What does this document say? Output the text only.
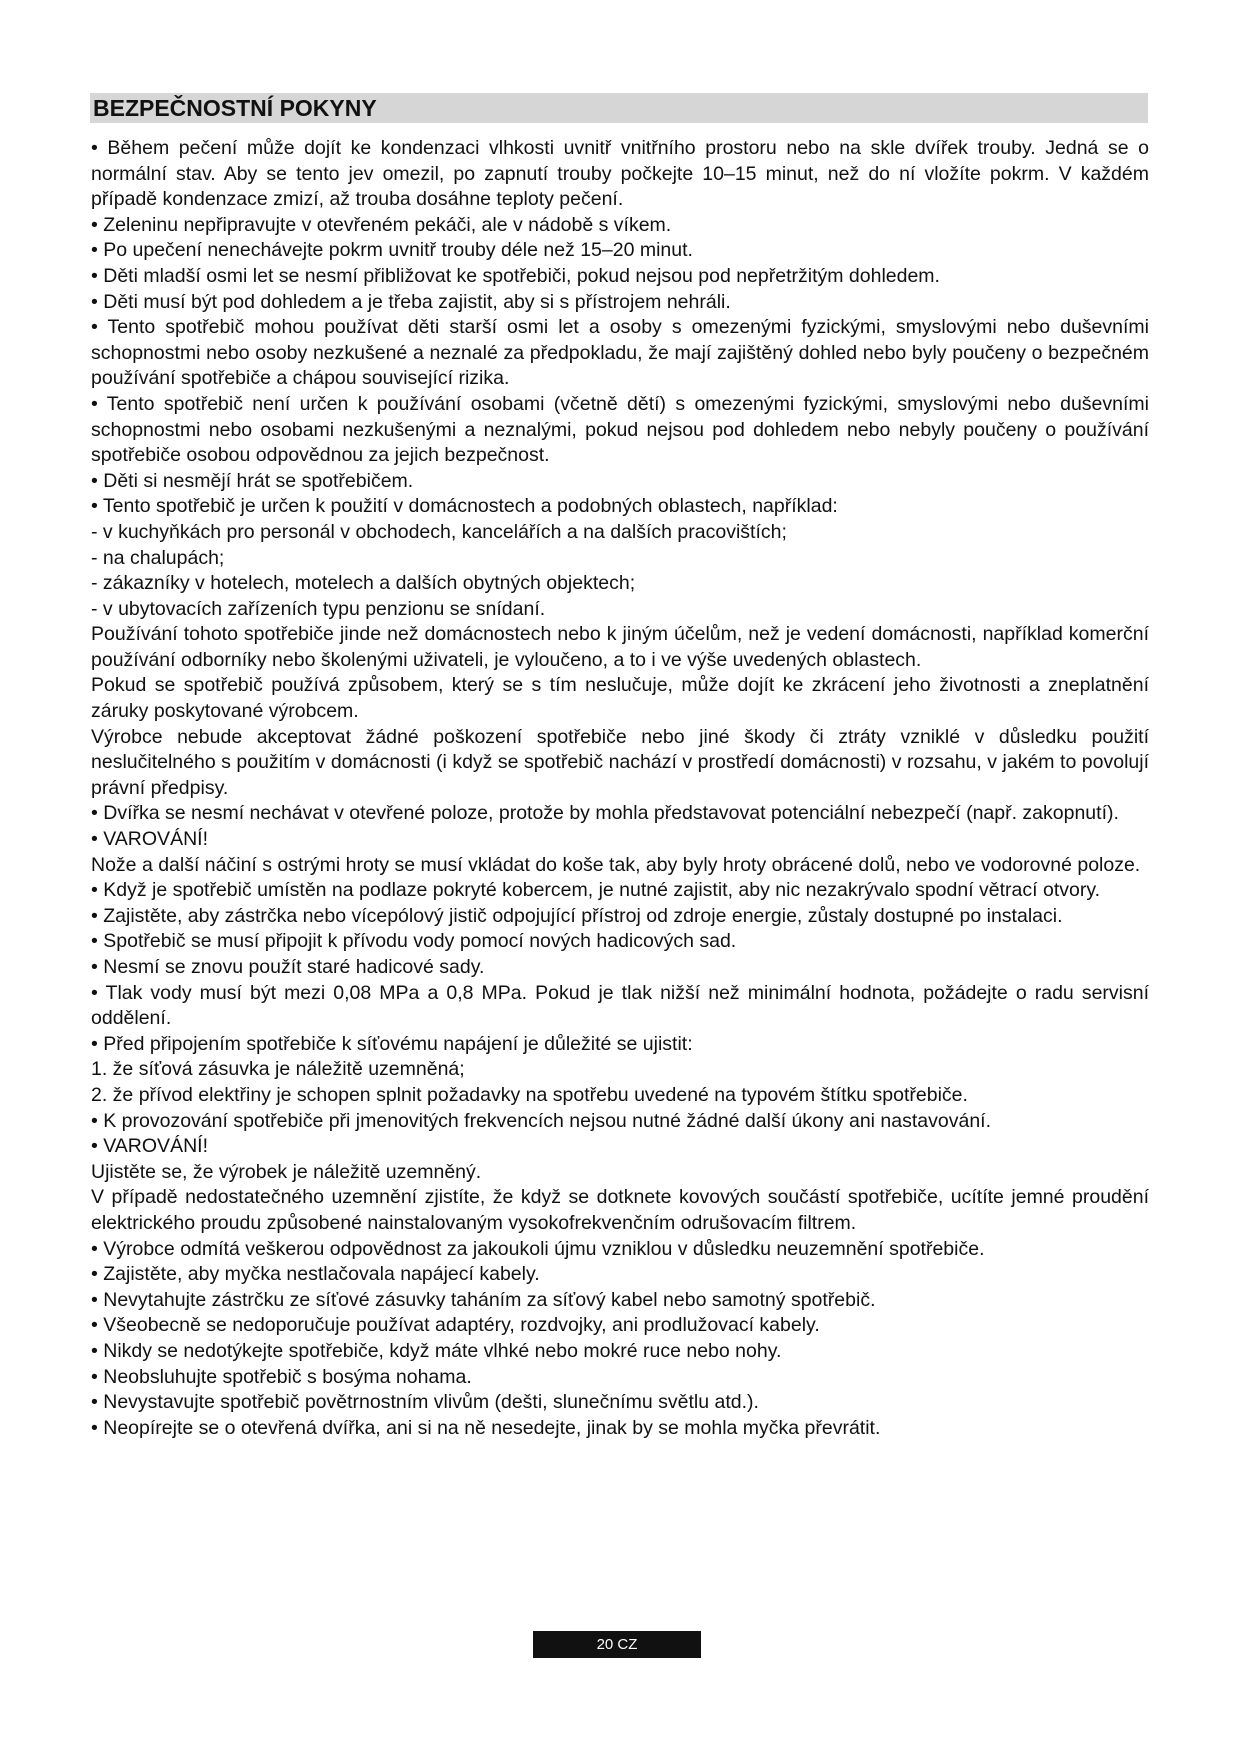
BEZPEČNOSTNÍ POKYNY

• Během pečení může dojít ke kondenzaci vlhkosti uvnitř vnitřního prostoru nebo na skle dvířek trouby. Jedná se o normální stav. Aby se tento jev omezil, po zapnutí trouby počkejte 10–15 minut, než do ní vložíte pokrm. V každém případě kondenzace zmizí, až trouba dosáhne teploty pečení.

• Zeleninu nepřipravujte v otevřeném pekáči, ale v nádobě s víkem.

• Po upečení nenechávejte pokrm uvnitř trouby déle než 15–20 minut.

• Děti mladší osmi let se nesmí přibližovat ke spotřebiči, pokud nejsou pod nepřetržitým dohledem.

• Děti musí být pod dohledem a je třeba zajistit, aby si s přístrojem nehráli.

• Tento spotřebič mohou používat děti starší osmi let a osoby s omezenými fyzickými, smyslovými nebo duševními schopnostmi nebo osoby nezkušené a neznalé za předpokladu, že mají zajištěný dohled nebo byly poučeny o bezpečném používání spotřebiče a chápou související rizika.

• Tento spotřebič není určen k používání osobami (včetně dětí) s omezenými fyzickými, smyslovými nebo duševními schopnostmi nebo osobami nezkušenými a neznalými, pokud nejsou pod dohledem nebo nebyly poučeny o používání spotřebiče osobou odpovědnou za jejich bezpečnost.

• Děti si nesmějí hrát se spotřebičem.

• Tento spotřebič je určen k použití v domácnostech a podobných oblastech, například:

- v kuchyňkách pro personál v obchodech, kancelářích a na dalších pracovištích;

- na chalupách;

- zákazníky v hotelech, motelech a dalších obytných objektech;

- v ubytovacích zařízeních typu penzionu se snídaní.

Používání tohoto spotřebiče jinde než domácnostech nebo k jiným účelům, než je vedení domácnosti, například komerční používání odborníky nebo školenými uživateli, je vyloučeno, a to i ve výše uvedených oblastech.

Pokud se spotřebič používá způsobem, který se s tím neslučuje, může dojít ke zkrácení jeho životnosti a zneplatnění záruky poskytované výrobcem.

Výrobce nebude akceptovat žádné poškození spotřebiče nebo jiné škody či ztráty vzniklé v důsledku použití neslučitelného s použitím v domácnosti (i když se spotřebič nachází v prostředí domácnosti) v rozsahu, v jakém to povolují právní předpisy.

• Dvířka se nesmí nechávat v otevřené poloze, protože by mohla představovat potenciální nebezpečí (např. zakopnutí).

• VAROVÁNÍ!

Nože a další náčiní s ostrými hroty se musí vkládat do koše tak, aby byly hroty obrácené dolů, nebo ve vodorovné poloze.

• Když je spotřebič umístěn na podlaze pokryté kobercem, je nutné zajistit, aby nic nezakrývalo spodní větrací otvory.

• Zajistěte, aby zástrčka nebo vícepólový jistič odpojující přístroj od zdroje energie, zůstaly dostupné po instalaci.

• Spotřebič se musí připojit k přívodu vody pomocí nových hadicových sad.

• Nesmí se znovu použít staré hadicové sady.

• Tlak vody musí být mezi 0,08 MPa a 0,8 MPa. Pokud je tlak nižší než minimální hodnota, požádejte o radu servisní oddělení.

• Před připojením spotřebiče k síťovému napájení je důležité se ujistit:

1. že síťová zásuvka je náležitě uzemněná;

2. že přívod elektřiny je schopen splnit požadavky na spotřebu uvedené na typovém štítku spotřebiče.

• K provozování spotřebiče při jmenovitých frekvencích nejsou nutné žádné další úkony ani nastavování.

• VAROVÁNÍ!

Ujistěte se, že výrobek je náležitě uzemněný.

V případě nedostatečného uzemnění zjistíte, že když se dotknete kovových součástí spotřebiče, ucítíte jemné proudění elektrického proudu způsobené nainstalovaným vysokofrekvenčním odrušovacím filtrem.

• Výrobce odmítá veškerou odpovědnost za jakoukoli újmu vzniklou v důsledku neuzemnění spotřebiče.

• Zajistěte, aby myčka nestlačovala napájecí kabely.

• Nevytahujte zástrčku ze síťové zásuvky taháním za síťový kabel nebo samotný spotřebič.

• Všeobecně se nedoporučuje používat adaptéry, rozdvojky, ani prodlužovací kabely.

• Nikdy se nedotýkejte spotřebiče, když máte vlhké nebo mokré ruce nebo nohy.

• Neobsluhujte spotřebič s bosýma nohama.

• Nevystavujte spotřebič povětrnostním vlivům (dešti, slunečnímu světlu atd.).

• Neopírejte se o otevřená dvířka, ani si na ně nesedejte, jinak by se mohla myčka převrátit.

20 CZ
